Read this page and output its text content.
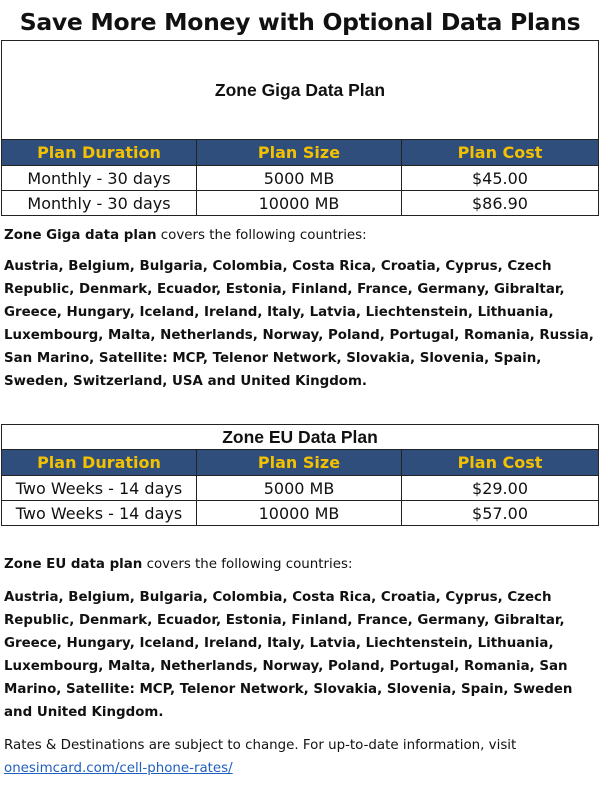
Save More Money with Optional Data Plans
Zone Giga Data Plan		
Plan Duration	Plan Size	Plan Cost
Monthly - 30 days	5000 MB	$45.00
Monthly - 30 days	10000 MB	$86.90

Zone Giga data plan covers the following countries:

Austria, Belgium, Bulgaria, Colombia, Costa Rica, Croatia, Cyprus, Czech Republic, Denmark, Ecuador, Estonia, Finland, France, Germany, Gibraltar, Greece, Hungary, Iceland, Ireland, Italy, Latvia, Liechtenstein, Lithuania, Luxembourg, Malta, Netherlands, Norway, Poland, Portugal, Romania, Russia, San Marino, Satellite: MCP, Telenor Network, Slovakia, Slovenia, Spain, Sweden, Switzerland, USA and United Kingdom.

Zone EU Data Plan		
Plan Duration	Plan Size	Plan Cost
Two Weeks - 14 days	5000 MB	$29.00
Two Weeks - 14 days	10000 MB	$57.00

Zone EU data plan covers the following countries:

Austria, Belgium, Bulgaria, Colombia, Costa Rica, Croatia, Cyprus, Czech Republic, Denmark, Ecuador, Estonia, Finland, France, Germany, Gibraltar, Greece, Hungary, Iceland, Ireland, Italy, Latvia, Liechtenstein, Lithuania, Luxembourg, Malta, Netherlands, Norway, Poland, Portugal, Romania, San Marino, Satellite: MCP, Telenor Network, Slovakia, Slovenia, Spain, Sweden and United Kingdom.

Rates & Destinations are subject to change. For up-to-date information, visit
onesimcard.com/cell-phone-rates/
